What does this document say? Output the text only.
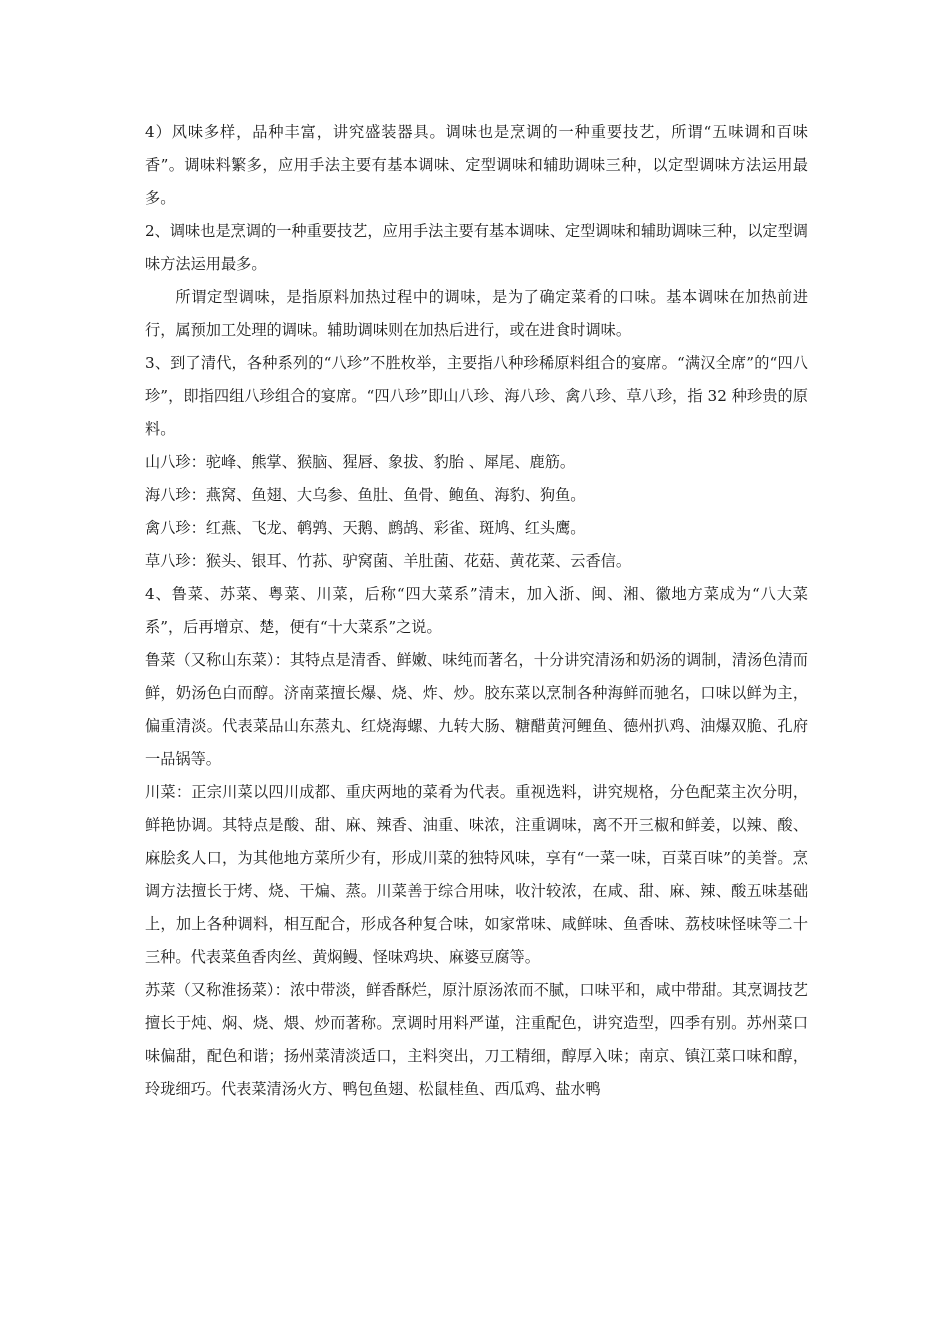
4）风味多样，品种丰富，讲究盛装器具。调味也是烹调的一种重要技艺，所谓“五味调和百味香”。调味料繁多，应用手法主要有基本调味、定型调味和辅助调味三种，以定型调味方法运用最多。

2、调味也是烹调的一种重要技艺，应用手法主要有基本调味、定型调味和辅助调味三种，以定型调味方法运用最多。

所谓定型调味，是指原料加热过程中的调味，是为了确定菜肴的口味。基本调味在加热前进行，属预加工处理的调味。辅助调味则在加热后进行，或在进食时调味。

3、到了清代，各种系列的“八珍”不胜枚举，主要指八种珍稀原料组合的宴席。“满汉全席”的“四八珍”，即指四组八珍组合的宴席。“四八珍”即山八珍、海八珍、禽八珍、草八珍，指 32 种珍贵的原料。

山八珍：驼峰、熊掌、猴脑、猩唇、象拔、豹胎 、犀尾、鹿筋。

海八珍：燕窝、鱼翅、大乌参、鱼肚、鱼骨、鲍鱼、海豹、狗鱼。

禽八珍：红燕、飞龙、鹌鹑、天鹅、鹧鸪、彩雀、斑鸠、红头鹰。

草八珍：猴头、银耳、竹荪、驴窝菌、羊肚菌、花菇、黄花菜、云香信。

4、鲁菜、苏菜、粤菜、川菜，后称“四大菜系”清末，加入浙、闽、湘、徽地方菜成为“八大菜系”，后再增京、楚，便有“十大菜系”之说。

鲁菜（又称山东菜）：其特点是清香、鲜嫩、味纯而著名，十分讲究清汤和奶汤的调制，清汤色清而鲜，奶汤色白而醇。济南菜擅长爆、烧、炸、炒。胶东菜以烹制各种海鲜而驰名，口味以鲜为主，偏重清淡。代表菜品山东蒸丸、红烧海螺、九转大肠、糖醋黄河鲤鱼、德州扒鸡、油爆双脆、孔府一品锅等。

川菜：正宗川菜以四川成都、重庆两地的菜肴为代表。重视选料，讲究规格，分色配菜主次分明，鲜艳协调。其特点是酸、甜、麻、辣香、油重、味浓，注重调味，离不开三椒和鲜姜，以辣、酸、麻脍炙人口，为其他地方菜所少有，形成川菜的独特风味，享有“一菜一味，百菜百味”的美誉。烹调方法擅长于烤、烧、干煸、蒸。川菜善于综合用味，收汁较浓，在咸、甜、麻、辣、酸五味基础上，加上各种调料，相互配合，形成各种复合味，如家常味、咸鲜味、鱼香味、荔枝味怪味等二十三种。代表菜鱼香肉丝、黄焖鳗、怪味鸡块、麻婆豆腐等。

苏菜（又称淮扬菜）：浓中带淡，鲜香酥烂，原汁原汤浓而不腻，口味平和，咸中带甜。其烹调技艺擅长于炖、焖、烧、煨、炒而著称。烹调时用料严谨，注重配色，讲究造型，四季有别。苏州菜口味偏甜，配色和谐；扬州菜清淡适口，主料突出，刀工精细，醇厚入味；南京、镇江菜口味和醇，玲珑细巧。代表菜清汤火方、鸭包鱼翅、松鼠桂鱼、西瓜鸡、盐水鸭
